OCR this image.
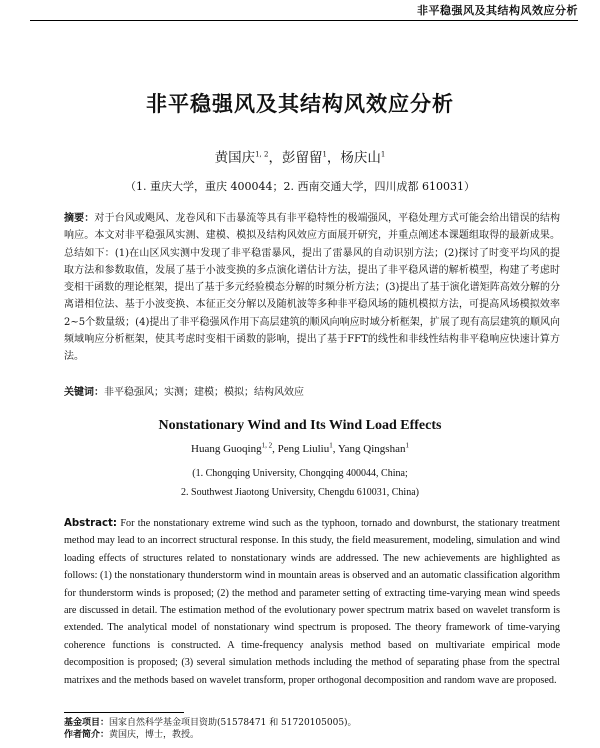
非平稳强风及其结构风效应分析
非平稳强风及其结构风效应分析
黄国庆$^{1, 2}$，彭留留$^1$，杨庆山$^1$
（1. 重庆大学，重庆 400044；2. 西南交通大学，四川成都 610031）
摘要：对于台风或飓风、龙卷风和下击暴流等具有非平稳特性的极端强风，平稳处理方式可能会给出错误的结构响应。本文对非平稳强风实测、建模、模拟及结构风效应方面展开研究，并重点阐述本课题组取得的最新成果。总结如下：(1)在山区风实测中发现了非平稳雷暴风，提出了雷暴风的自动识别方法；(2)探讨了时变平均风的提取方法和参数取值，发展了基于小波变换的多点演化谱估计方法，提出了非平稳风谱的解析模型，构建了考虑时变相干函数的理论框架，提出了基于多元经验模态分解的时频分析方法；(3)提出了基于演化谱矩阵高效分解的分离谱相位法、基于小波变换、本征正交分解以及随机波等多种非平稳风场的随机模拟方法，可提高风场模拟效率2~5个数量级；(4)提出了非平稳强风作用下高层建筑的顺风向响应时域分析框架，扩展了现有高层建筑的顺风向频域响应分析框架，使其考虑时变相干函数的影响，提出了基于FFT的线性和非线性结构非平稳响应快速计算方法。
关键词：非平稳强风；实测；建模；模拟；结构风效应
Nonstationary Wind and Its Wind Load Effects
Huang Guoqing$^{1, 2}$, Peng Liuliu$^1$, Yang Qingshan$^1$
(1. Chongqing University, Chongqing 400044, China;
2. Southwest Jiaotong University, Chengdu 610031, China)
Abstract: For the nonstationary extreme wind such as the typhoon, tornado and downburst, the stationary treatment method may lead to an incorrect structural response. In this study, the field measurement, modeling, simulation and wind loading effects of structures related to nonstationary winds are addressed. The new achievements are highlighted as follows: (1) the nonstationary thunderstorm wind in mountain areas is observed and an automatic classification algorithm for thunderstorm winds is proposed; (2) the method and parameter setting of extracting time-varying mean wind speeds are discussed in detail. The estimation method of the evolutionary power spectrum matrix based on wavelet transform is extended. The analytical model of nonstationary wind spectrum is proposed. The theory framework of time-varying coherence functions is constructed. A time-frequency analysis method based on multivariate empirical mode decomposition is proposed; (3) several simulation methods including the method of separating phase from the spectral matrixes and the methods based on wavelet transform, proper orthogonal decomposition and random wave are proposed.
基金项目：国家自然科学基金项目资助(51578471 和 51720105005)。
作者简介：黄国庆，博士，教授。
